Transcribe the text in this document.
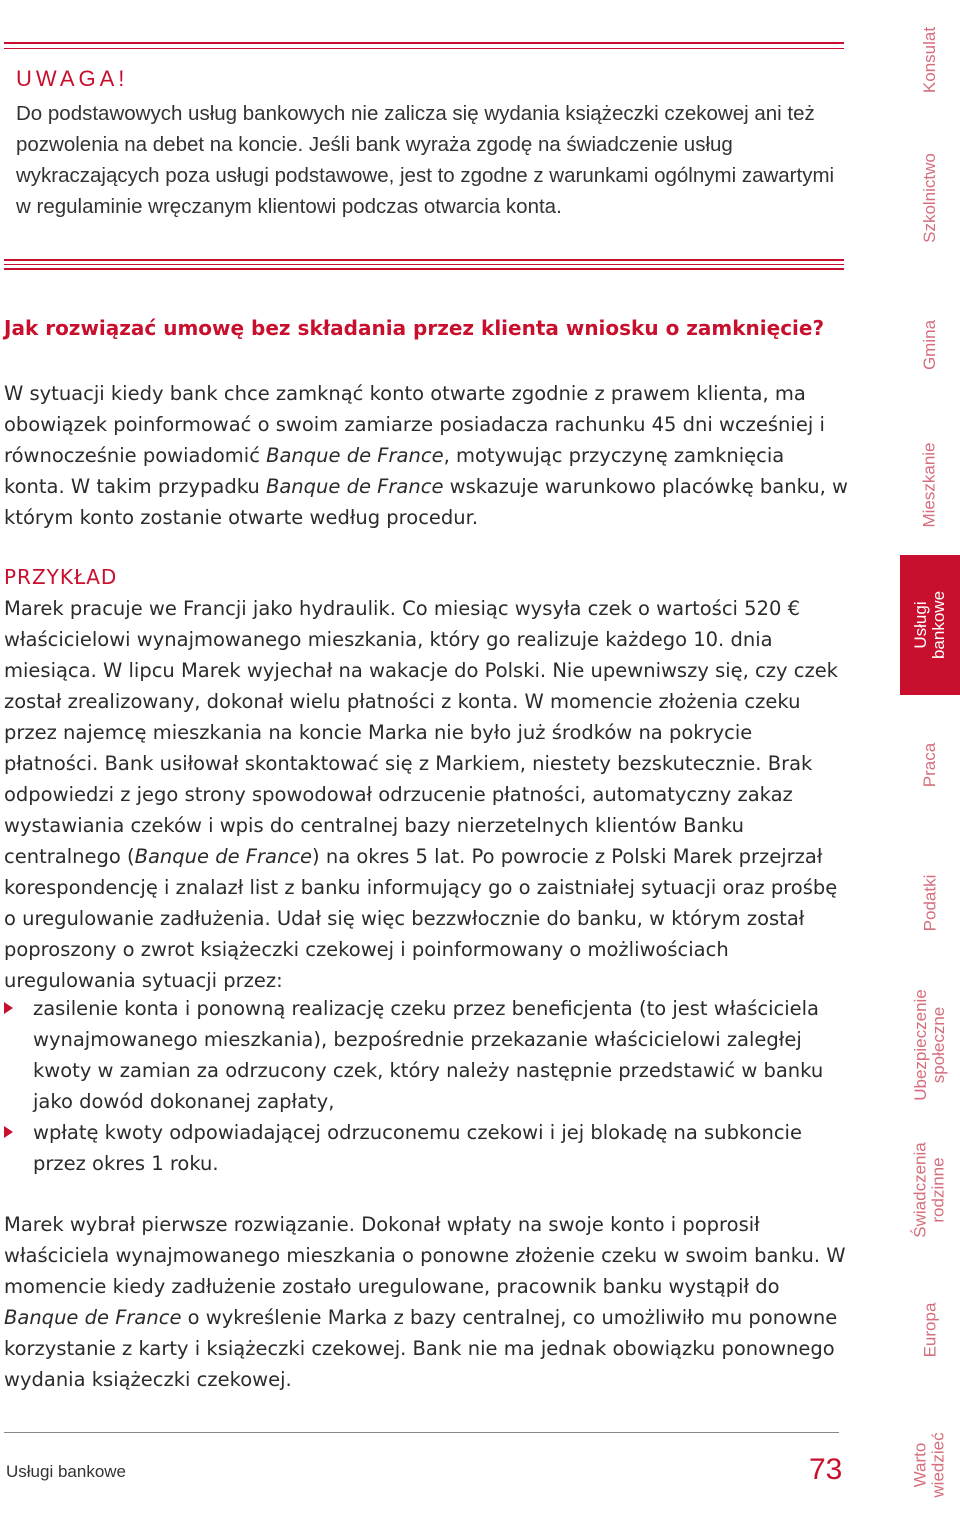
UWAGA!
Do podstawowych usług bankowych nie zalicza się wydania książeczki czekowej ani też pozwolenia na debet na koncie. Jeśli bank wyraża zgodę na świadczenie usług wykraczających poza usługi podstawowe, jest to zgodne z warunkami ogólnymi zawartymi w regulaminie wręczanym klientowi podczas otwarcia konta.
Jak rozwiązać umowę bez składania przez klienta wniosku o zamknięcie?
W sytuacji kiedy bank chce zamknąć konto otwarte zgodnie z prawem klienta, ma obowiązek poinformować o swoim zamiarze posiadacza rachunku 45 dni wcześniej i równocześnie powiadomić Banque de France, motywując przyczynę zamknięcia konta. W takim przypadku Banque de France wskazuje warunkowo placówkę banku, w którym konto zostanie otwarte według procedur.
PRZYKŁAD
Marek pracuje we Francji jako hydraulik. Co miesiąc wysyła czek o wartości 520 € właścicielowi wynajmowanego mieszkania, który go realizuje każdego 10. dnia miesiąca. W lipcu Marek wyjechał na wakacje do Polski. Nie upewniwszy się, czy czek został zrealizowany, dokonał wielu płatności z konta. W momencie złożenia czeku przez najemcę mieszkania na koncie Marka nie było już środków na pokrycie płatności. Bank usiłował skontaktować się z Markiem, niestety bezskutecznie. Brak odpowiedzi z jego strony spowodował odrzucenie płatności, automatyczny zakaz wystawiania czeków i wpis do centralnej bazy nierzetelnych klientów Banku centralnego (Banque de France) na okres 5 lat. Po powrocie z Polski Marek przejrzał korespondencję i znalazł list z banku informujący go o zaistniałej sytuacji oraz prośbę o uregulowanie zadłużenia. Udał się więc bezzwłocznie do banku, w którym został poproszony o zwrot książeczki czekowej i poinformowany o możliwościach uregulowania sytuacji przez:
zasilenie konta i ponowną realizację czeku przez beneficjenta (to jest właściciela wynajmowanego mieszkania), bezpośrednie przekazanie właścicielowi zaległej kwoty w zamian za odrzucony czek, który należy następnie przedstawić w banku jako dowód dokonanej zapłaty,
wpłatę kwoty odpowiadającej odrzuconemu czekowi i jej blokadę na subkoncie przez okres 1 roku.
Marek wybrał pierwsze rozwiązanie. Dokonał wpłaty na swoje konto i poprosił właściciela wynajmowanego mieszkania o ponowne złożenie czeku w swoim banku. W momencie kiedy zadłużenie zostało uregulowane, pracownik banku wystąpił do Banque de France o wykreślenie Marka z bazy centralnej, co umożliwiło mu ponowne korzystanie z karty i książeczki czekowej. Bank nie ma jednak obowiązku ponownego wydania książeczki czekowej.
Usługi bankowe	73
Konsulat
Szkolnictwo
Gmina
Mieszkanie
Usługi
bankowe
Praca
Podatki
Ubezpieczenie
społeczne
Świadczenia
rodzinne
Europa
Warto
wiedzieć
